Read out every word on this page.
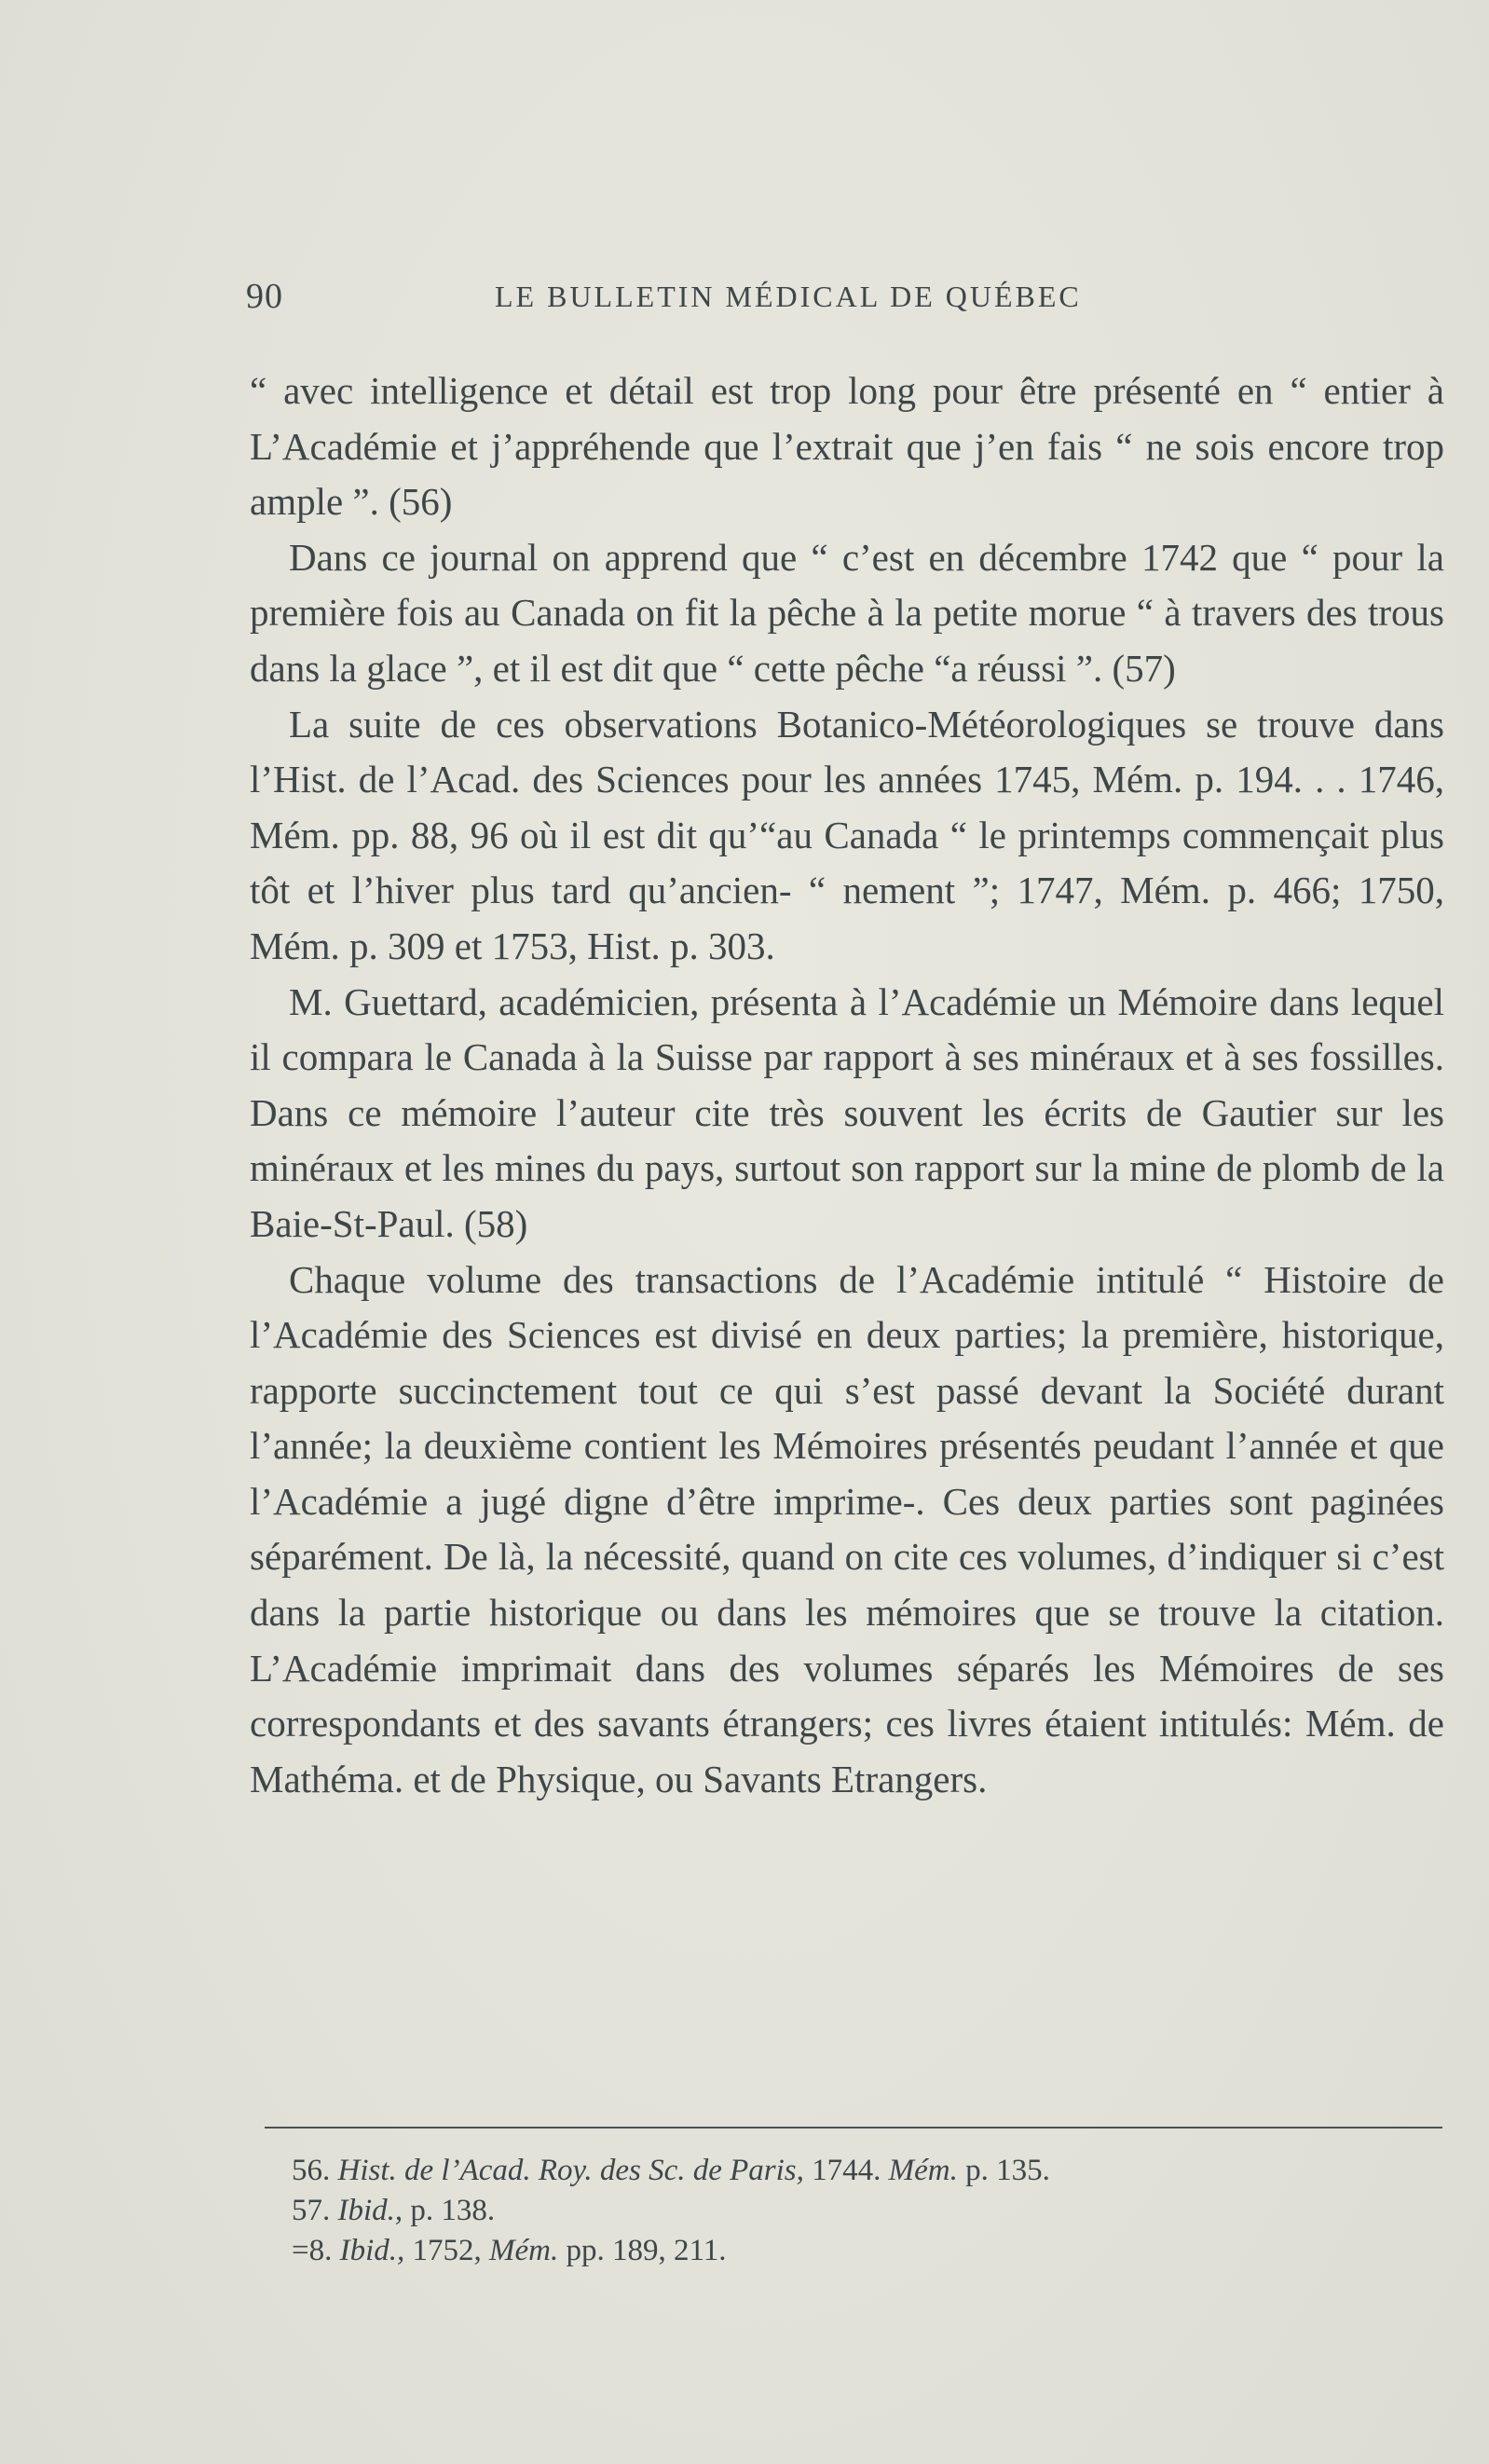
90	LE BULLETIN MÉDICAL DE QUÉBEC

“ avec intelligence et détail est trop long pour être présenté en “ entier à L’Académie et j’appréhende que l’extrait que j’en fais “ ne sois encore trop ample ”. (56)

Dans ce journal on apprend que “ c’est en décembre 1742 que “ pour la première fois au Canada on fit la pêche à la petite morue “ à travers des trous dans la glace ”, et il est dit que “ cette pêche “a réussi ”. (57)

La suite de ces observations Botanico-Météorologiques se trouve dans l’Hist. de l’Acad. des Sciences pour les années 1745, Mém. p. 194. . . 1746, Mém. pp. 88, 96 où il est dit qu’“au Canada “ le printemps commençait plus tôt et l’hiver plus tard qu’ancien- “ nement ”; 1747, Mém. p. 466; 1750, Mém. p. 309 et 1753, Hist. p. 303.

M. Guettard, académicien, présenta à l’Académie un Mémoire dans lequel il compara le Canada à la Suisse par rapport à ses minéraux et à ses fossilles. Dans ce mémoire l’auteur cite très souvent les écrits de Gautier sur les minéraux et les mines du pays, surtout son rapport sur la mine de plomb de la Baie-St-Paul. (58)

Chaque volume des transactions de l’Académie intitulé “ Histoire de l’Académie des Sciences est divisé en deux parties; la première, historique, rapporte succinctement tout ce qui s’est passé devant la Société durant l’année; la deuxième contient les Mémoires présentés peudant l’année et que l’Académie a jugé digne d’être imprime-. Ces deux parties sont paginées séparément. De là, la nécessité, quand on cite ces volumes, d’indiquer si c’est dans la partie historique ou dans les mémoires que se trouve la citation. L’Académie imprimait dans des volumes séparés les Mémoires de ses correspondants et des savants étrangers; ces livres étaient intitulés: Mém. de Mathéma. et de Physique, ou Savants Etrangers.

56. Hist. de l’Acad. Roy. des Sc. de Paris, 1744. Mém. p. 135.
57. Ibid., p. 138.
=8. Ibid., 1752, Mém. pp. 189, 211.
